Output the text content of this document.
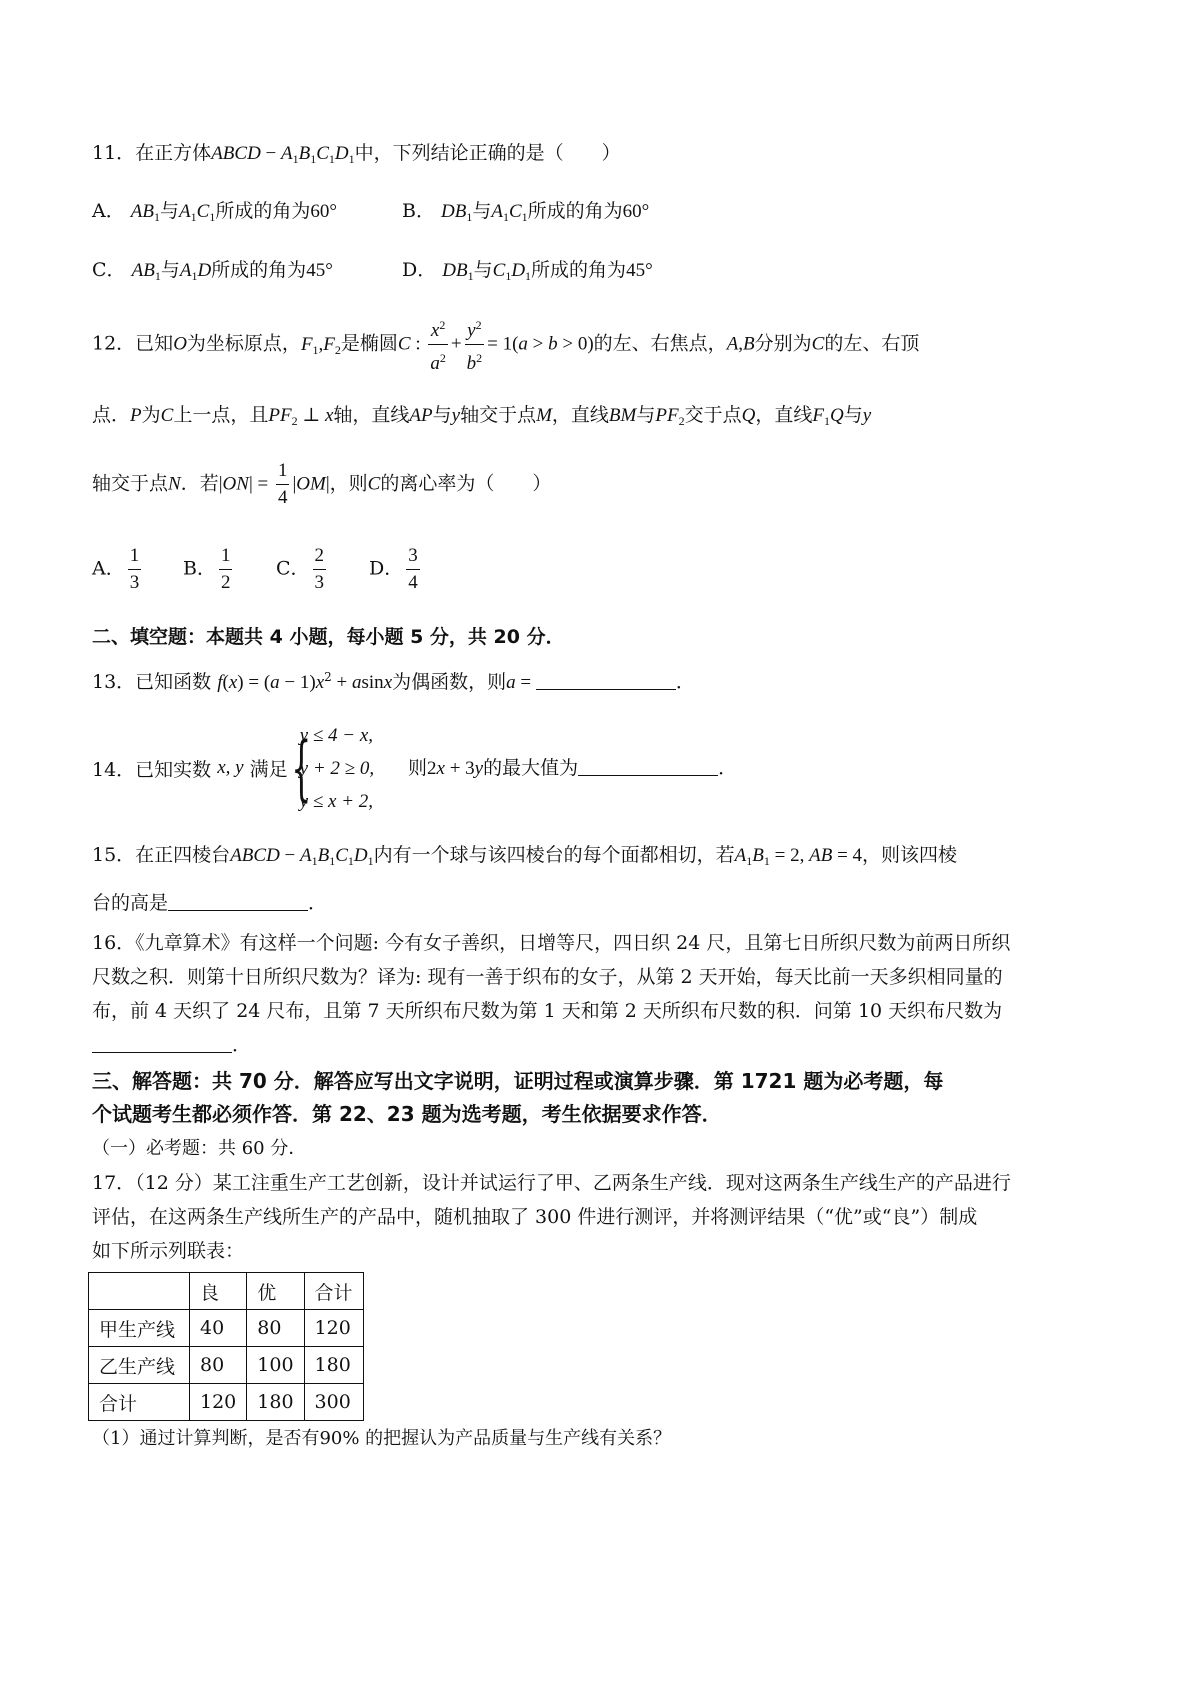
11．在正方体ABCD − $A_1B_1C_1D_1$中，下列结论正确的是（　　）
A． $AB_1$与$A_1C_1$所成的角为60°	B． $DB_1$与$A_1C_1$所成的角为60°
C． $AB_1$与$A_1D$所成的角为45°	D． $DB_1$与$C_1D_1$所成的角为45°
12．已知O为坐标原点，$F_1,F_2$是椭圆C : $\frac{x^2}{a^2} + \frac{y^2}{b^2} = 1(a > b > 0)$的左、右焦点，A,B分别为C的左、右顶
点．P为C上一点，且$PF_2$ ⊥ x轴，直线AP与y轴交于点M，直线BM与$PF_2$交于点Q，直线$F_1Q$与y
轴交于点N．若$|ON| = \frac{1}{4} |OM|$，则C的离心率为（　　）
A． $\frac{1}{3}$ B． $\frac{1}{2}$ C． $\frac{2}{3}$ D． $\frac{3}{4}$
二、填空题：本题共 4 小题，每小题 5 分，共 20 分．
13．已知函数 $f(x) = (a - 1)x^2 + asinx$为偶函数，则a =	．
14．已知实数 x, y 满足{
y ≤ 4 − x,
y + 2 ≥ 0,
y ≤ x + 2,
则2x + 3y的最大值为	．
15．在正四棱台ABCD − $A_1B_1C_1D_1$内有一个球与该四棱台的每个面都相切，若$A_1B_1 = 2$, AB = 4，则该四棱
台的高是	．
16．《九章算术》有这样一个问题: 今有女子善织，日增等尺，四日织 24 尺，且第七日所织尺数为前两日所织
尺数之积．则第十日所织尺数为？译为: 现有一善于织布的女子，从第 2 天开始，每天比前一天多织相同量的
布，前 4 天织了 24 尺布，且第 7 天所织布尺数为第 1 天和第 2 天所织布尺数的积．问第 10 天织布尺数为
．
三、解答题：共 70 分．解答应写出文字说明，证明过程或演算步骤．第 1721 题为必考题，每
个试题考生都必须作答．第 22、23 题为选考题，考生依据要求作答．
（一）必考题：共 60 分．
17．（12 分）某工注重生产工艺创新，设计并试运行了甲、乙两条生产线．现对这两条生产线生产的产品进行
评估，在这两条生产线所生产的产品中，随机抽取了 300 件进行测评，并将测评结果（“优”或“良”）制成
如下所示列联表：
	良	优	合计
甲生产线	40	80	120
乙生产线	80	100	180
合计	120	180	300
（1）通过计算判断，是否有90% 的把握认为产品质量与生产线有关系？
